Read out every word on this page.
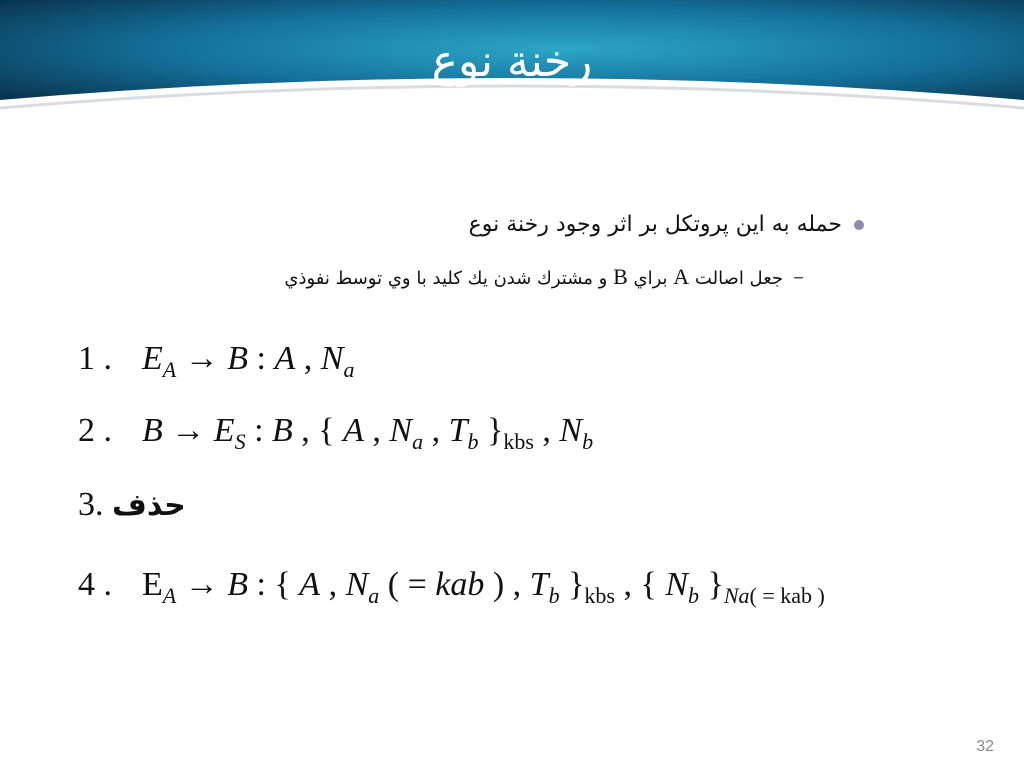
رخنة نوع
حمله به اين پروتكل بر اثر وجود رخنة نوع
–
جعل اصالت A براي B و مشترك شدن يك كليد با وي توسط نفوذي
1 . $E_A \to B$ : A , $N_a$
2 . $B \to E_S$ : B , { A , $N_a$ , $T_b$ }$_{kbs}$ , $N_b$
3. حذف
4 . $E_A \to B$ : { A , $N_a$ ( = kab ) , $T_b$ }$_{kbs}$ , { $N_b$ }$_{Na( = kab )}$
32
